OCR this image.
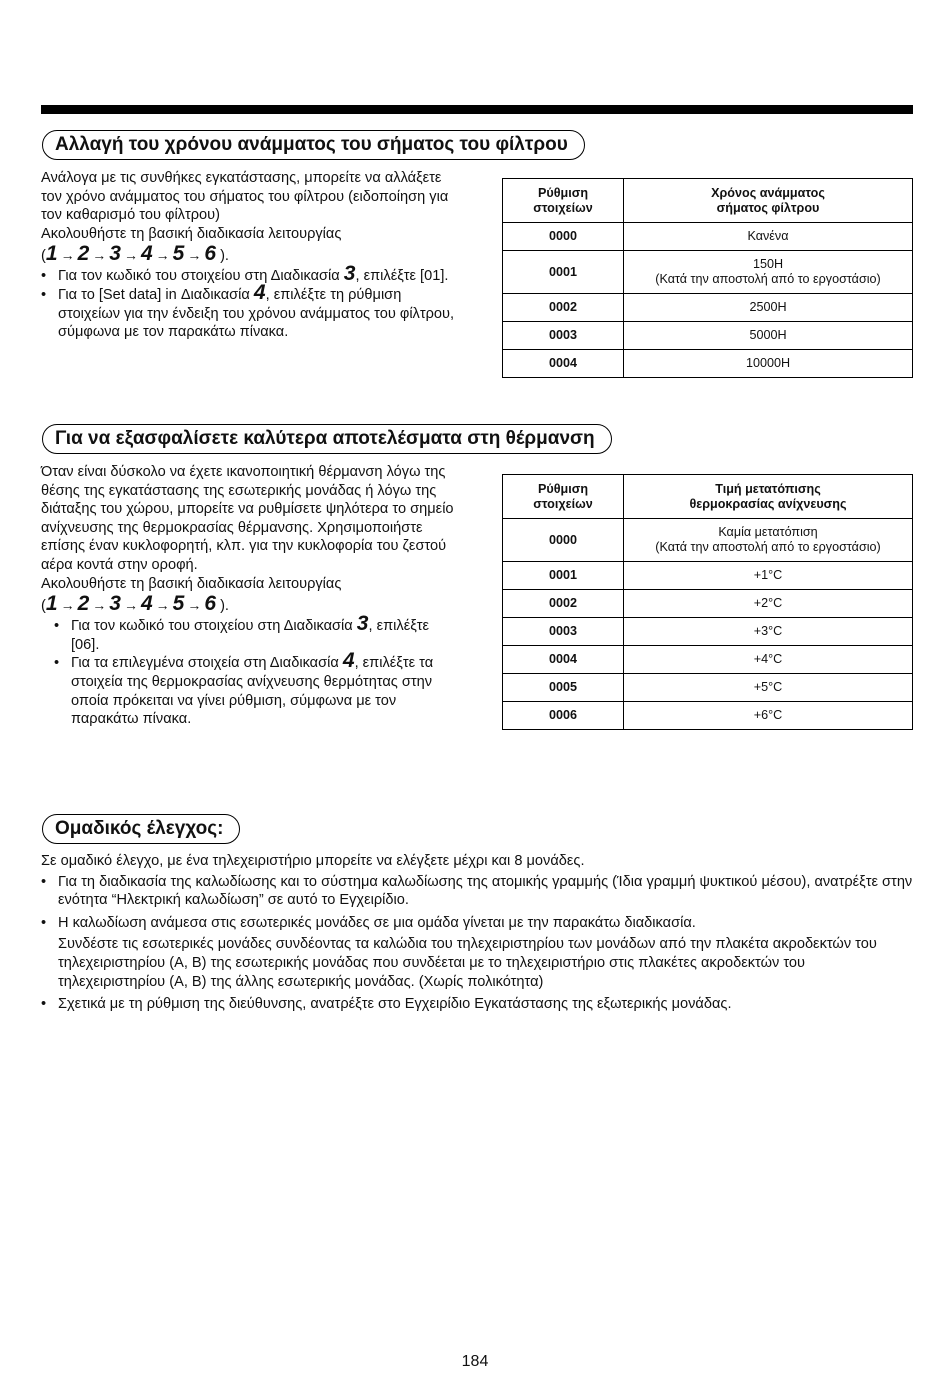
Αλλαγή του χρόνου ανάμματος του σήματος του φίλτρου

Ανάλογα με τις συνθήκες εγκατάστασης, μπορείτε να αλλάξετε τον χρόνο ανάμματος του σήματος του φίλτρου (ειδοποίηση για τον καθαρισμό του φίλτρου)

Ακολουθήστε τη βασική διαδικασία λειτουργίας

(1 → 2 → 3 → 4 → 5 → 6 ).

• Για τον κωδικό του στοιχείου στη Διαδικασία 3, επιλέξτε [01].
• Για το [Set data] in Διαδικασία 4, επιλέξτε τη ρύθμιση στοιχείων για την ένδειξη του χρόνου ανάμματος του φίλτρου, σύμφωνα με τον παρακάτω πίνακα.
Ρύθμιση
στοιχείων	Χρόνος ανάμματος
σήματος φίλτρου
0000	Κανένα
0001	150H
(Κατά την αποστολή από το εργοστάσιο)
0002	2500H
0003	5000H
0004	10000H
Για να εξασφαλίσετε καλύτερα αποτελέσματα στη θέρμανση

Όταν είναι δύσκολο να έχετε ικανοποιητική θέρμανση λόγω της θέσης της εγκατάστασης της εσωτερικής μονάδας ή λόγω της διάταξης του χώρου, μπορείτε να ρυθμίσετε ψηλότερα το σημείο ανίχνευσης της θερμοκρασίας θέρμανσης. Χρησιμοποιήστε επίσης έναν κυκλοφορητή, κλπ. για την κυκλοφορία του ζεστού αέρα κοντά στην οροφή.

Ακολουθήστε τη βασική διαδικασία λειτουργίας

(1 → 2 → 3 → 4 → 5 → 6 ).

• Για τον κωδικό του στοιχείου στη Διαδικασία 3, επιλέξτε [06].
• Για τα επιλεγμένα στοιχεία στη Διαδικασία 4, επιλέξτε τα στοιχεία της θερμοκρασίας ανίχνευσης θερμότητας στην οποία πρόκειται να γίνει ρύθμιση, σύμφωνα με τον παρακάτω πίνακα.
Ρύθμιση
στοιχείων	Τιμή μετατόπισης
θερμοκρασίας ανίχνευσης
0000	Καμία μετατόπιση
(Κατά την αποστολή από το εργοστάσιο)
0001	+1°C
0002	+2°C
0003	+3°C
0004	+4°C
0005	+5°C
0006	+6°C
Ομαδικός έλεγχος:

Σε ομαδικό έλεγχο, με ένα τηλεχειριστήριο μπορείτε να ελέγξετε μέχρι και 8 μονάδες.

• Για τη διαδικασία της καλωδίωσης και το σύστημα καλωδίωσης της ατομικής γραμμής (Ίδια γραμμή ψυκτικού μέσου), ανατρέξτε στην ενότητα “Ηλεκτρική καλωδίωση” σε αυτό το Εγχειρίδιο.
• Η καλωδίωση ανάμεσα στις εσωτερικές μονάδες σε μια ομάδα γίνεται με την παρακάτω διαδικασία.
Συνδέστε τις εσωτερικές μονάδες συνδέοντας τα καλώδια του τηλεχειριστηρίου των μονάδων από την πλακέτα ακροδεκτών του τηλεχειριστηρίου (A, B) της εσωτερικής μονάδας που συνδέεται με το τηλεχειριστήριο στις πλακέτες ακροδεκτών του τηλεχειριστηρίου (A, B) της άλλης εσωτερικής μονάδας. (Χωρίς πολικότητα)
• Σχετικά με τη ρύθμιση της διεύθυνσης, ανατρέξτε στο Εγχειρίδιο Εγκατάστασης της εξωτερικής μονάδας.
184
